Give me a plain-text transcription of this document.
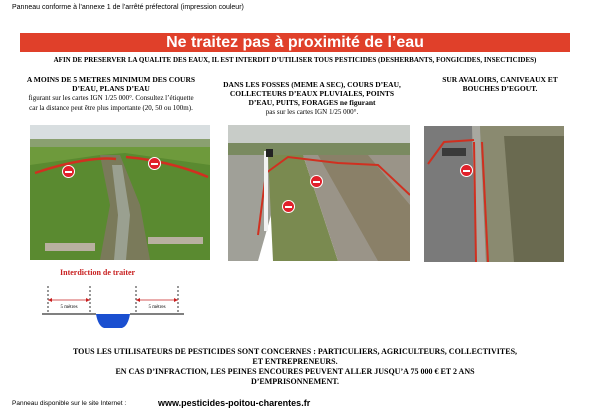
Panneau conforme à l'annexe 1 de l'arrêté préfectoral (impression couleur)
Ne traitez pas à proximité de l’eau
AFIN DE PRESERVER LA QUALITE DES EAUX, IL EST INTERDIT D’UTILISER TOUS PESTICIDES (DESHERBANTS, FONGICIDES, INSECTICIDES)
A MOINS DE 5 METRES MINIMUM DES COURS D’EAU, PLANS D’EAU
figurant sur les cartes IGN 1/25 000°. Consultez l’étiquette car la distance peut être plus importante (20, 50 ou 100m).
DANS LES FOSSES (MEME A SEC), COURS D’EAU, COLLECTEURS D’EAUX PLUVIALES, POINTS D’EAU, PUITS, FORAGES ne figurant
pas sur les cartes IGN 1/25 000°.
SUR AVALOIRS, CANIVEAUX ET BOUCHES D’EGOUT.
Interdiction de traiter
5 mètres	5 mètres
TOUS LES UTILISATEURS DE PESTICIDES SONT CONCERNES : PARTICULIERS, AGRICULTEURS, COLLECTIVITES,
ET ENTREPRENEURS.
EN CAS D’INFRACTION, LES PEINES ENCOURES PEUVENT ALLER JUSQU’A 75 000 € ET 2 ANS
D’EMPRISONNEMENT.
Panneau disponible sur le site Internet :	www.pesticides-poitou-charentes.fr
